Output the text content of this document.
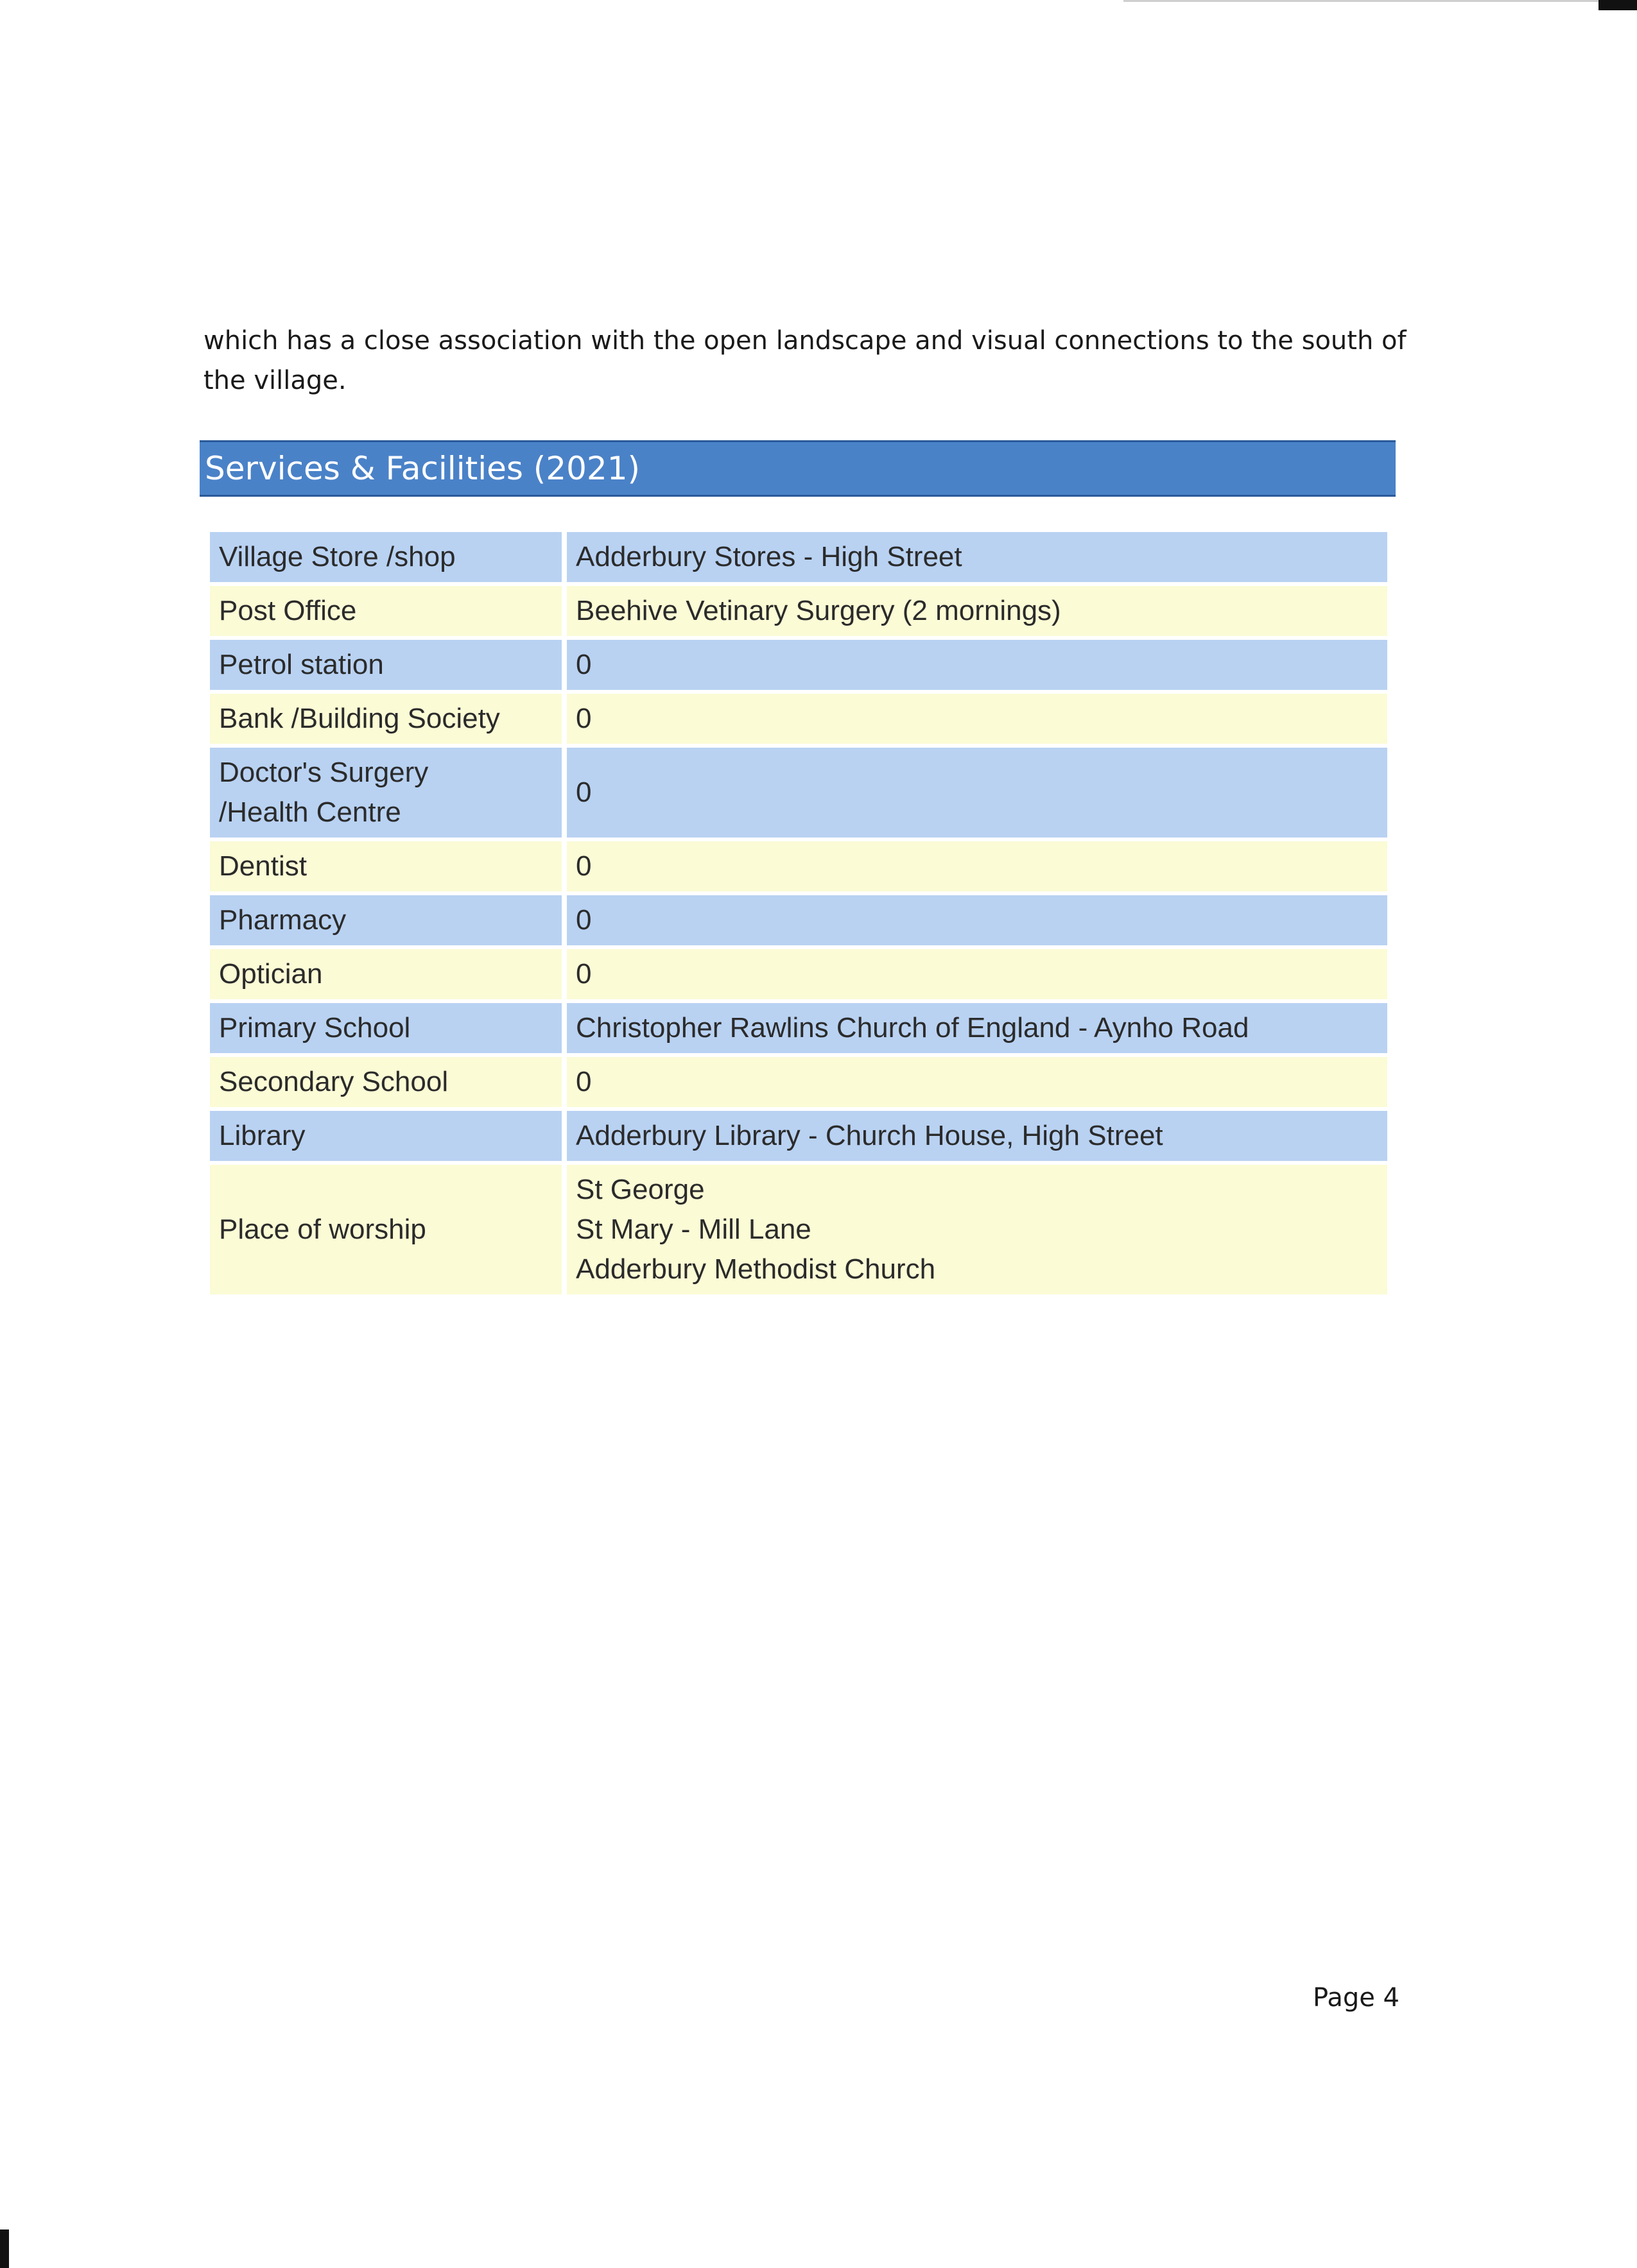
which has a close association with the open landscape and visual connections to the south of the village.

Services & Facilities (2021)
Village Store /shop	Adderbury Stores - High Street

Post Office	Beehive Vetinary Surgery (2 mornings)

Petrol station	0

Bank /Building Society	0

Doctor's Surgery
/Health Centre	0

Dentist	0

Pharmacy	0

Optician	0

Primary School	Christopher Rawlins Church of England - Aynho Road

Secondary School	0

Library	Adderbury Library - Church House, High Street

Place of worship	St George
St Mary - Mill Lane
Adderbury Methodist Church
Page 4
